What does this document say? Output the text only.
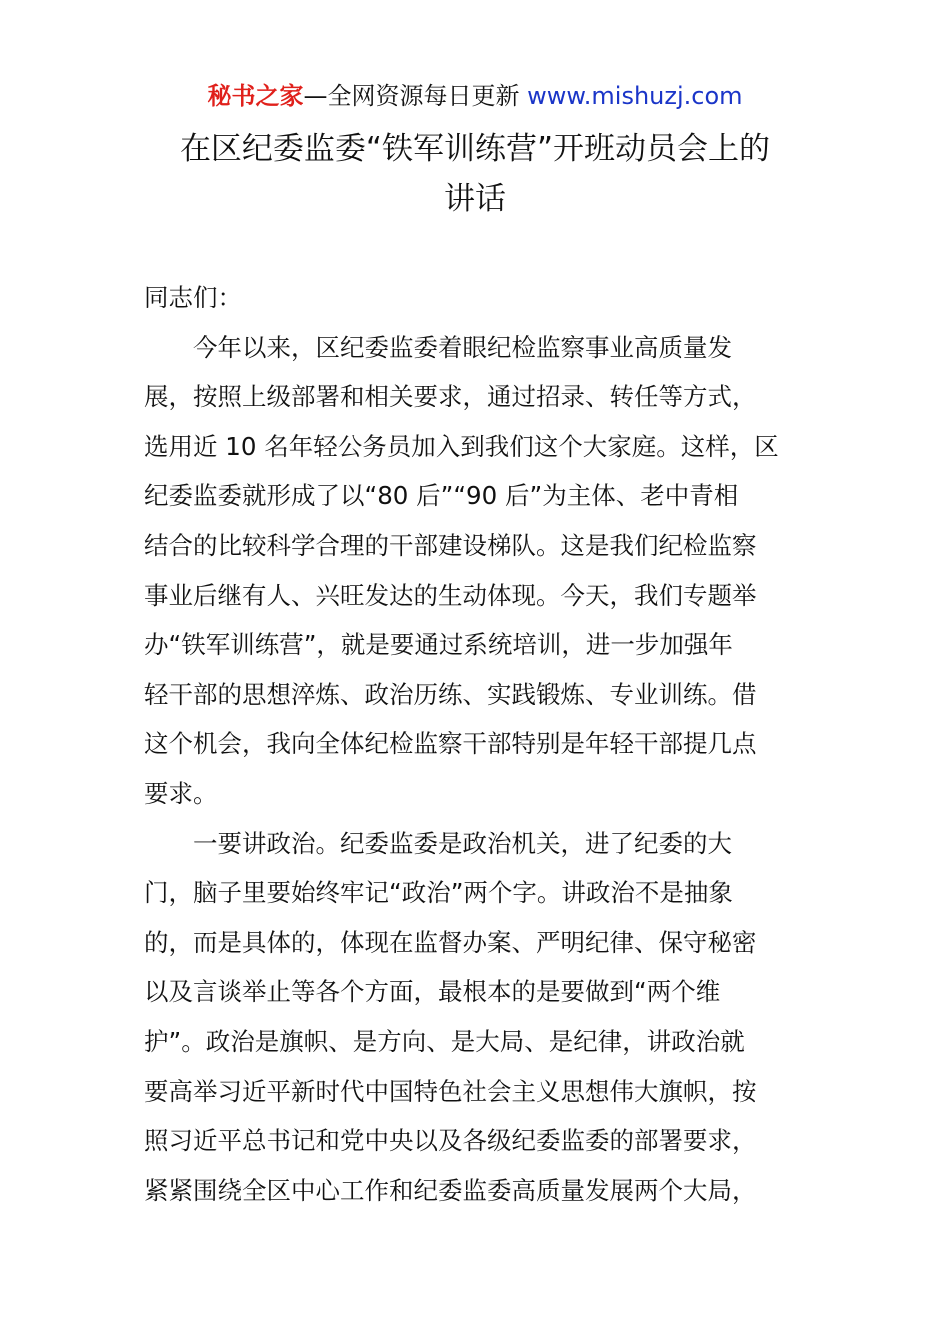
秘书之家—全网资源每日更新 www.mishuzj.com
在区纪委监委“铁军训练营”开班动员会上的
讲话
同志们：
今年以来，区纪委监委着眼纪检监察事业高质量发
展，按照上级部署和相关要求，通过招录、转任等方式，
选用近 10 名年轻公务员加入到我们这个大家庭。这样，区
纪委监委就形成了以“80 后”“90 后”为主体、老中青相
结合的比较科学合理的干部建设梯队。这是我们纪检监察
事业后继有人、兴旺发达的生动体现。今天，我们专题举
办“铁军训练营”，就是要通过系统培训，进一步加强年
轻干部的思想淬炼、政治历练、实践锻炼、专业训练。借
这个机会，我向全体纪检监察干部特别是年轻干部提几点
要求。
一要讲政治。纪委监委是政治机关，进了纪委的大
门，脑子里要始终牢记“政治”两个字。讲政治不是抽象
的，而是具体的，体现在监督办案、严明纪律、保守秘密
以及言谈举止等各个方面，最根本的是要做到“两个维
护”。政治是旗帜、是方向、是大局、是纪律，讲政治就
要高举习近平新时代中国特色社会主义思想伟大旗帜，按
照习近平总书记和党中央以及各级纪委监委的部署要求，
紧紧围绕全区中心工作和纪委监委高质量发展两个大局，
